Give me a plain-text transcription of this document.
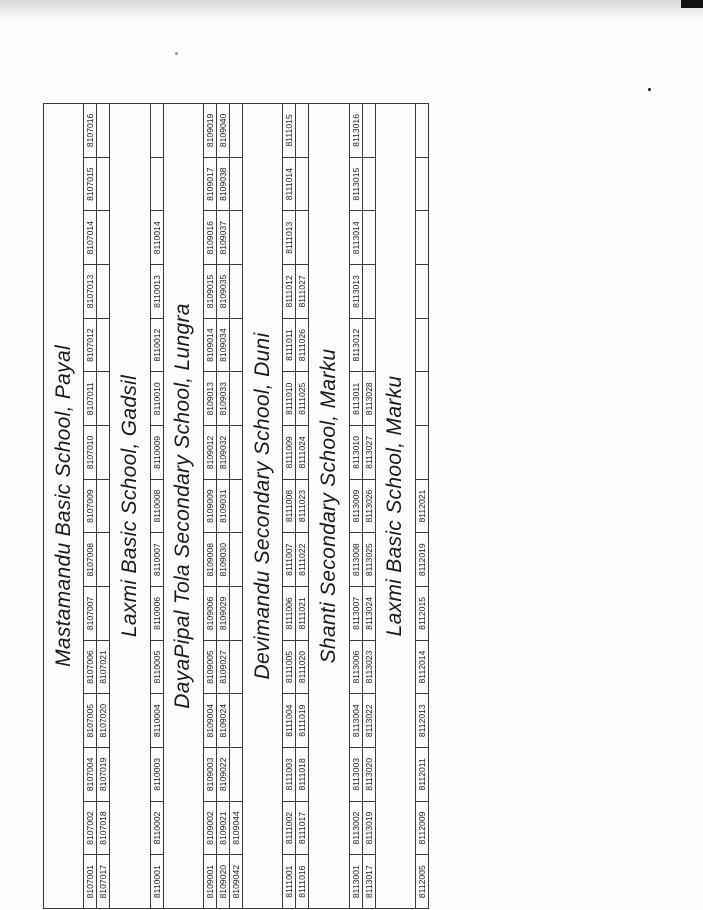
Mastamandu Basic School, Payal														
8107001	8107002	8107004	8107005	8107006	8107007	8107008	8107009	8107010	8107011	8107012	8107013	8107014	8107015	8107016
8107017	8107018	8107019	8107020	8107021										
Laxmi Basic School, Gadsil														
8110001	8110002	8110003	8110004	8110005	8110006	8110007	8110008	8110009	8110010	8110012	8110013	8110014		
DayaPipal Tola Secondary School, Lungra														
8109001	8109002	8109003	8109004	8109005	8109006	8109008	8109009	8109012	8109013	8109014	8109015	8109016	8109017	8109019
8109020	8109021	8109022	8109024	8109027	8109029	8109030	8109031	8109032	8109033	8109034	8109035	8109037	8109038	8109040
8109042	8109044													
Devimandu Secondary School, Duni														
8111001	8111002	8111003	8111004	8111005	8111006	8111007	8111008	8111009	8111010	8111011	8111012	8111013	8111014	8111015
8111016	8111017	8111018	8111019	8111020	8111021	8111022	8111023	8111024	8111025	8111026	8111027			
Shanti Secondary School, Marku														
8113001	8113002	8113003	8113004	8113006	8113007	8113008	8113009	8113010	8113011	8113012	8113013	8113014	8113015	8113016
8113017	8113019	8113020	8113022	8113023	8113024	8113025	8113026	8113027	8113028					
Laxmi Basic School, Marku														
8112005	8112009	8112011	8112013	8112014	8112015	8112019	8112021							
